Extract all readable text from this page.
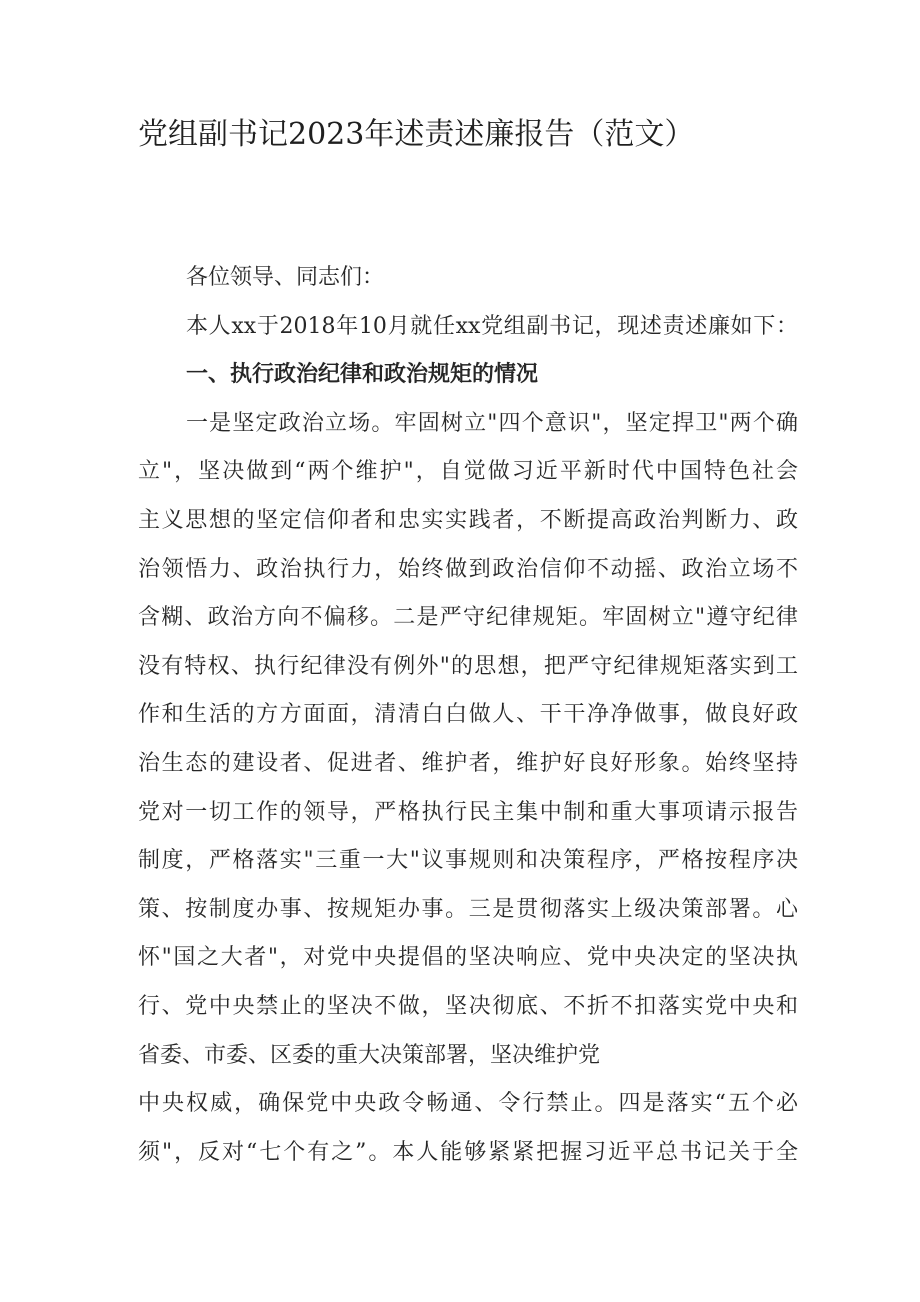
党组副书记2023年述责述廉报告（范文）
各位领导、同志们：
本人xx于2018年10月就任xx党组副书记，现述责述廉如下：
一、执行政治纪律和政治规矩的情况
一是坚定政治立场。牢固树立"四个意识"，坚定捍卫"两个确
立"，坚决做到“两个维护"，自觉做习近平新时代中国特色社会
主义思想的坚定信仰者和忠实实践者，不断提高政治判断力、政
治领悟力、政治执行力，始终做到政治信仰不动摇、政治立场不
含糊、政治方向不偏移。二是严守纪律规矩。牢固树立"遵守纪律
没有特权、执行纪律没有例外"的思想，把严守纪律规矩落实到工
作和生活的方方面面，清清白白做人、干干净净做事，做良好政
治生态的建设者、促进者、维护者，维护好良好形象。始终坚持
党对一切工作的领导，严格执行民主集中制和重大事项请示报告
制度，严格落实"三重一大"议事规则和决策程序，严格按程序决
策、按制度办事、按规矩办事。三是贯彻落实上级决策部署。心
怀"国之大者"，对党中央提倡的坚决响应、党中央决定的坚决执
行、党中央禁止的坚决不做，坚决彻底、不折不扣落实党中央和
省委、市委、区委的重大决策部署，坚决维护党
中央权威，确保党中央政令畅通、令行禁止。四是落实“五个必
须"，反对“七个有之”。本人能够紧紧把握习近平总书记关于全
